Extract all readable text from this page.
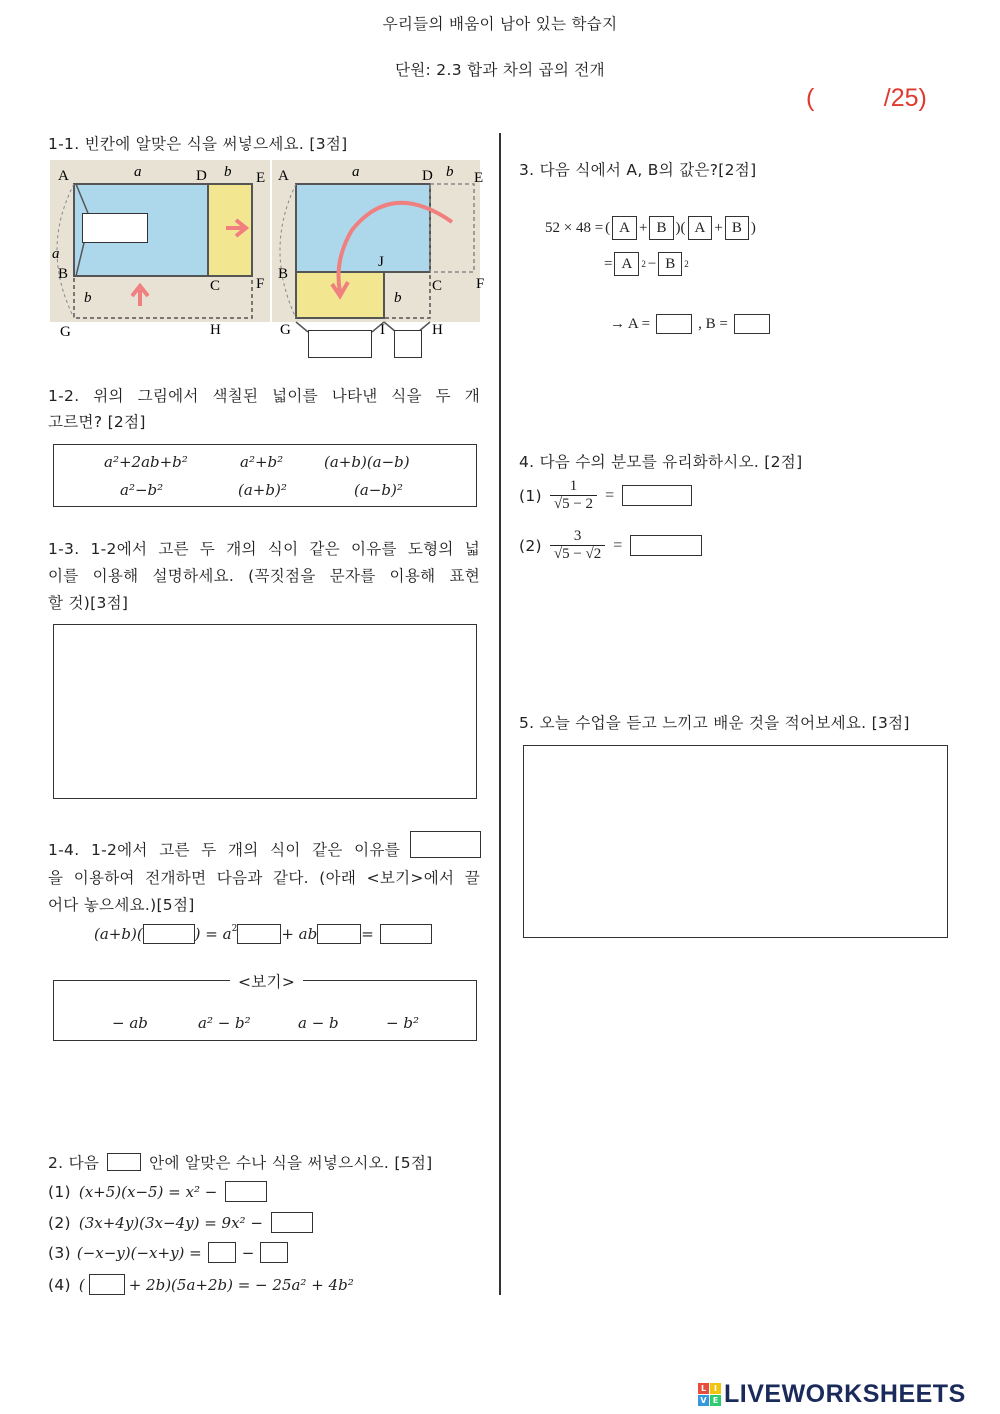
우리들의 배움이 남아 있는 학습지
단원: 2.3 합과 차의 곱의 전개
(          /25)
1-1. 빈칸에 알맞은 식을 써넣으세요. [3점]
A	a	D b E
a
B
C F
b
G	H
A	a	D b E
B
J
C F
b
G	I	H
1-2. 위의 그림에서 색칠된 넓이를 나타낸 식을 두 개
고르면? [2점]
a²+2ab+b²	a²+b²	(a+b)(a−b)
a²−b²	(a+b)²	(a−b)²
1-3. 1-2에서 고른 두 개의 식이 같은 이유를 도형의 넓
이를 이용해 설명하세요. (꼭짓점을 문자를 이용해 표현
할 것)[3점]
1-4. 1-2에서 고른 두 개의 식이 같은 이유를
을 이용하여 전개하면 다음과 같다. (아래 <보기>에서 끌
어다 놓으세요.)[5점]
(a+b)(	) = $a^2$	+ ab	=
<보기>
− ab	a² − b²	a − b	− b²
2. 다음	안에 알맞은 수나 식을 써넣으시오. [5점]
(1) (x+5)(x−5) = x² −
(2) (3x+4y)(3x−4y) = 9x² −
(3) (−x−y)(−x+y) =	−
(4) (	+ 2b)(5a+2b) = − 25a² + 4b²
3. 다음 식에서 A, B의 값은?[2점]
52 × 48 = ( A + B )( A + B )
= A	2 − B	2
→ A =	, B =
4. 다음 수의 분모를 유리화하시오. [2점]
$(1) \frac{1}{√5 - 2}$ =
$(2) \frac{3}{√5 - √2}$ =
5. 오늘 수업을 듣고 느끼고 배운 것을 적어보세요. [3점]
L I
V E LIVEWORKSHEETS
